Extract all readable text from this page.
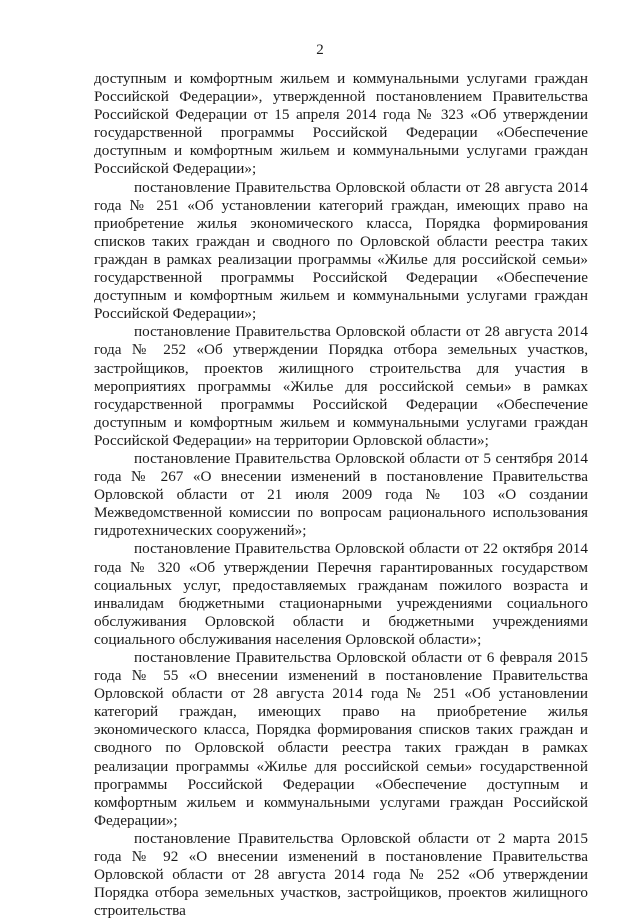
2

доступным и комфортным жильем и коммунальными услугами граждан Российской Федерации», утвержденной постановлением Правительства Российской Федерации от 15 апреля 2014 года № 323 «Об утверждении государственной программы Российской Федерации «Обеспечение доступным и комфортным жильем и коммунальными услугами граждан Российской Федерации»;

постановление Правительства Орловской области от 28 августа 2014 года № 251 «Об установлении категорий граждан, имеющих право на приобретение жилья экономического класса, Порядка формирования списков таких граждан и сводного по Орловской области реестра таких граждан в рамках реализации программы «Жилье для российской семьи» государственной программы Российской Федерации «Обеспечение доступным и комфортным жильем и коммунальными услугами граждан Российской Федерации»;

постановление Правительства Орловской области от 28 августа 2014 года № 252 «Об утверждении Порядка отбора земельных участков, застройщиков, проектов жилищного строительства для участия в мероприятиях программы «Жилье для российской семьи» в рамках государственной программы Российской Федерации «Обеспечение доступным и комфортным жильем и коммунальными услугами граждан Российской Федерации» на территории Орловской области»;

постановление Правительства Орловской области от 5 сентября 2014 года № 267 «О внесении изменений в постановление Правительства Орловской области от 21 июля 2009 года № 103 «О создании Межведомственной комиссии по вопросам рационального использования гидротехнических сооружений»;

постановление Правительства Орловской области от 22 октября 2014 года № 320 «Об утверждении Перечня гарантированных государством социальных услуг, предоставляемых гражданам пожилого возраста и инвалидам бюджетными стационарными учреждениями социального обслуживания Орловской области и бюджетными учреждениями социального обслуживания населения Орловской области»;

постановление Правительства Орловской области от 6 февраля 2015 года № 55 «О внесении изменений в постановление Правительства Орловской области от 28 августа 2014 года № 251 «Об установлении категорий граждан, имеющих право на приобретение жилья экономического класса, Порядка формирования списков таких граждан и сводного по Орловской области реестра таких граждан в рамках реализации программы «Жилье для российской семьи» государственной программы Российской Федерации «Обеспечение доступным и комфортным жильем и коммунальными услугами граждан Российской Федерации»;

постановление Правительства Орловской области от 2 марта 2015 года № 92 «О внесении изменений в постановление Правительства Орловской области от 28 августа 2014 года № 252 «Об утверждении Порядка отбора земельных участков, застройщиков, проектов жилищного строительства
